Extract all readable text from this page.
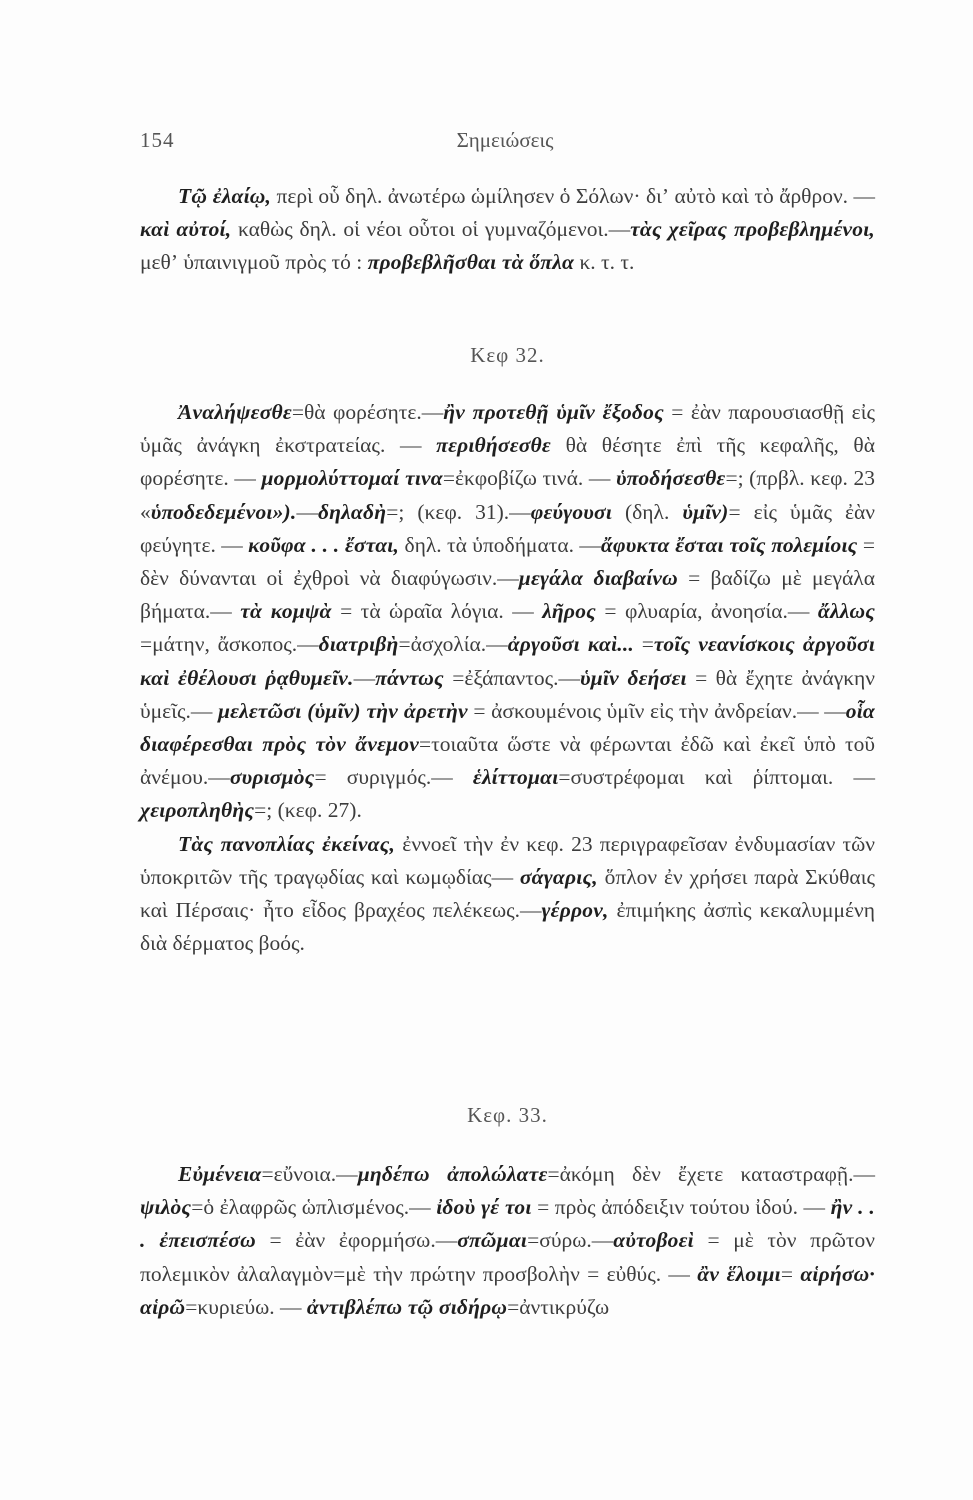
154	Σημειώσεις

Τῷ ἐλαίῳ, περὶ οὗ δηλ. ἀνωτέρω ὡμίλησεν ὁ Σόλων· διʼ αὐτὸ καὶ τὸ ἄρθρον. — καὶ αὐτοί, καθὼς δηλ. οἱ νέοι οὗτοι οἱ γυμναζόμενοι.—τὰς χεῖρας προβεβλημένοι, μεθʼ ὑπαινιγμοῦ πρὸς τό : προβεβλῆσθαι τὰ ὅπλα κ. τ. τ.

Κεφ 32.

Ἀναλήψεσθε=θὰ φορέσητε.—ἢν προτεθῇ ὑμῖν ἔξοδος = ἐὰν παρουσιασθῇ εἰς ὑμᾶς ἀνάγκη ἐκστρατείας. — περιθήσεσθε θὰ θέσητε ἐπὶ τῆς κεφαλῆς, θὰ φορέσητε. — μορμολύττομαί τινα=ἐκφοβίζω τινά. — ὑποδήσεσθε=; (πρβλ. κεφ. 23 «ὑποδεδεμένοι»).—δηλαδὴ=; (κεφ. 31).—φεύγουσι (δηλ. ὑμῖν)= εἰς ὑμᾶς ἐὰν φεύγητε. — κοῦφα . . . ἔσται, δηλ. τὰ ὑποδήματα. —ἄφυκτα ἔσται τοῖς πολεμίοις = δὲν δύνανται οἱ ἐχθροὶ νὰ διαφύγωσιν.—μεγάλα διαβαίνω = βαδίζω μὲ μεγάλα βήματα.— τὰ κομψὰ = τὰ ὡραῖα λόγια. — λῆρος = φλυαρία, ἀνοησία.— ἄλλως =μάτην, ἄσκοπος.—διατριβὴ=ἀσχολία.—ἀργοῦσι καὶ... =τοῖς νεανίσκοις ἀργοῦσι καὶ ἐθέλουσι ῥᾳθυμεῖν.—πάντως =ἐξάπαντος.—ὑμῖν δεήσει = θὰ ἔχητε ἀνάγκην ὑμεῖς.— μελετῶσι (ὑμῖν) τὴν ἀρετὴν = ἀσκουμένοις ὑμῖν εἰς τὴν ἀνδρείαν.— —οἷα διαφέρεσθαι πρὸς τὸν ἄνεμον=τοιαῦτα ὥστε νὰ φέρωνται ἐδῶ καὶ ἐκεῖ ὑπὸ τοῦ ἀνέμου.—συρισμὸς= συριγμός.— ἑλίττομαι=συστρέφομαι καὶ ῥίπτομαι. — χειροπληθὴς=; (κεφ. 27).

Τὰς πανοπλίας ἐκείνας, ἐννοεῖ τὴν ἐν κεφ. 23 περιγραφεῖσαν ἐνδυμασίαν τῶν ὑποκριτῶν τῆς τραγῳδίας καὶ κωμῳδίας— σάγαρις, ὅπλον ἐν χρήσει παρὰ Σκύθαις καὶ Πέρσαις· ἦτο εἶδος βραχέος πελέκεως.—γέρρον, ἐπιμήκης ἀσπὶς κεκαλυμμένη διὰ δέρματος βοός.

Κεφ. 33.

Εὐμένεια=εὔνοια.—μηδέπω ἀπολώλατε=ἀκόμη δὲν ἔχετε καταστραφῇ.—ψιλὸς=ὁ ἐλαφρῶς ὡπλισμένος.— ἰδοὺ γέ τοι = πρὸς ἀπόδειξιν τούτου ἰδού. — ἢν . . . ἐπεισπέσω = ἐὰν ἐφορμήσω.—σπῶμαι=σύρω.—αὐτοβοεὶ = μὲ τὸν πρῶτον πολεμικὸν ἀλαλαγμὸν=μὲ τὴν πρώτην προσβολὴν = εὐθύς. — ἂν ἕλοιμι= αἱρήσω· αἱρῶ=κυριεύω. — ἀντιβλέπω τῷ σιδήρῳ=ἀντικρύζω
